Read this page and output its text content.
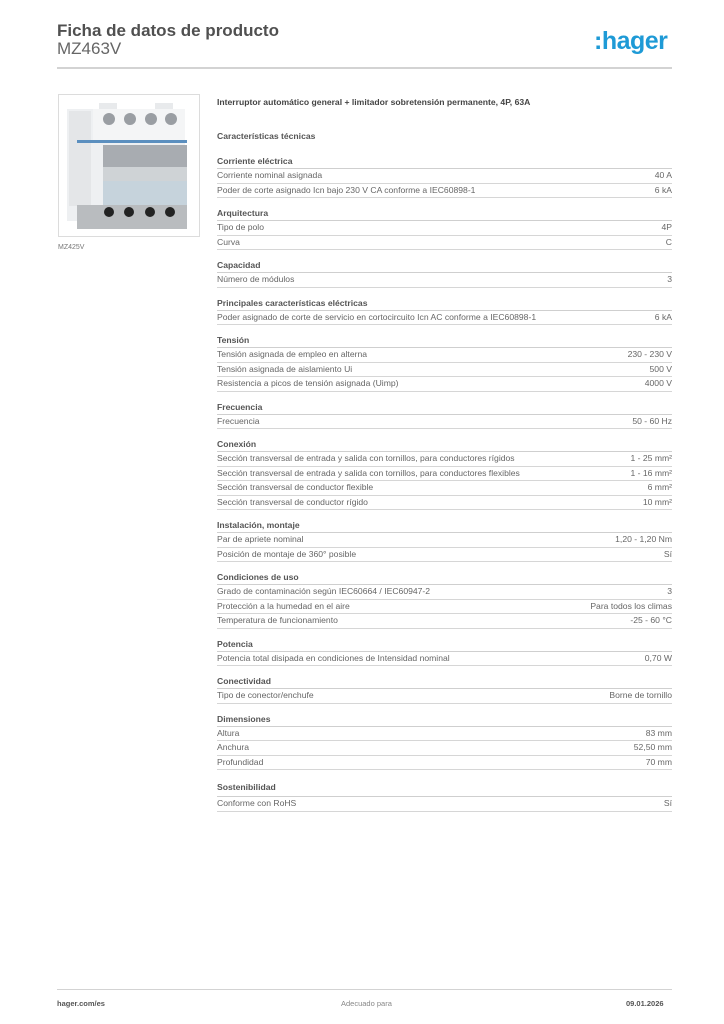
Ficha de datos de producto
MZ463V	:hager
MZ425V
Interruptor automático general + limitador sobretensión permanente, 4P, 63A
Características técnicas
Corriente eléctrica
Corriente nominal asignada	40 A
Poder de corte asignado Icn bajo 230 V CA conforme a IEC60898-1	6 kA
Arquitectura
Tipo de polo	4P
Curva	C
Capacidad
Número de módulos	3
Principales características eléctricas
Poder asignado de corte de servicio en cortocircuito Icn AC conforme a IEC60898-1	6 kA
Tensión
Tensión asignada de empleo en alterna	230 - 230 V
Tensión asignada de aislamiento Ui	500 V
Resistencia a picos de tensión asignada (Uimp)	4000 V
Frecuencia
Frecuencia	50 - 60 Hz
Conexión
Sección transversal de entrada y salida con tornillos, para conductores rígidos	1 - 25 mm²
Sección transversal de entrada y salida con tornillos, para conductores flexibles	1 - 16 mm²
Sección transversal de conductor flexible	6 mm²
Sección transversal de conductor rígido	10 mm²
Instalación, montaje
Par de apriete nominal	1,20 - 1,20 Nm
Posición de montaje de 360° posible	Sí
Condiciones de uso
Grado de contaminación según IEC60664 / IEC60947-2	3
Protección a la humedad en el aire	Para todos los climas
Temperatura de funcionamiento	-25 - 60 °C
Potencia
Potencia total disipada en condiciones de Intensidad nominal	0,70 W
Conectividad
Tipo de conector/enchufe	Borne de tornillo
Dimensiones
Altura	83 mm
Anchura	52,50 mm
Profundidad	70 mm
Sostenibilidad
Conforme con RoHS	Sí
hager.com/es	Adecuado para	09.01.2026
